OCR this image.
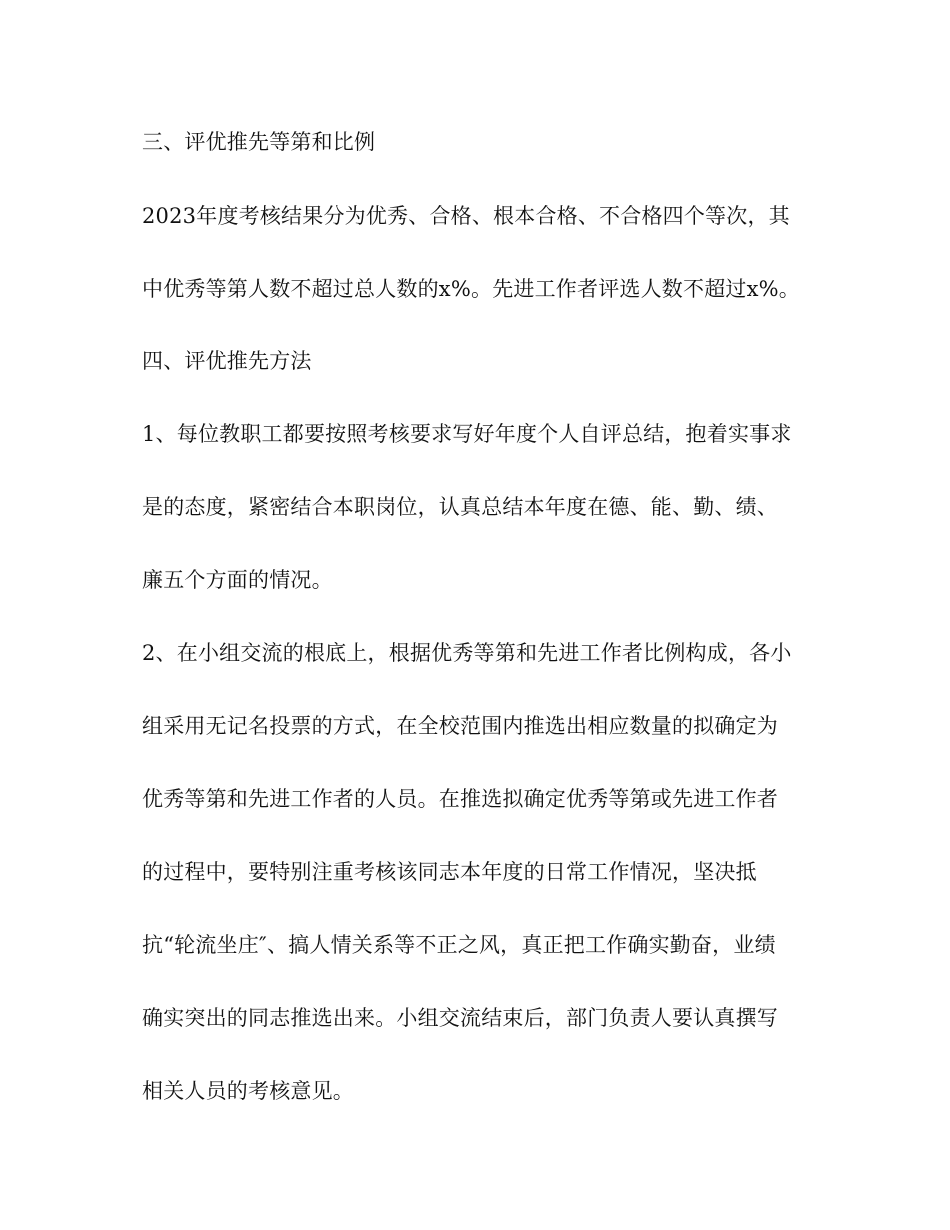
三、评优推先等第和比例
2023年度考核结果分为优秀、合格、根本合格、不合格四个等次，其
中优秀等第人数不超过总人数的x%。先进工作者评选人数不超过x%。
四、评优推先方法
1、每位教职工都要按照考核要求写好年度个人自评总结，抱着实事求
是的态度，紧密结合本职岗位，认真总结本年度在德、能、勤、绩、
廉五个方面的情况。
2、在小组交流的根底上，根据优秀等第和先进工作者比例构成，各小
组采用无记名投票的方式，在全校范围内推选出相应数量的拟确定为
优秀等第和先进工作者的人员。在推选拟确定优秀等第或先进工作者
的过程中，要特别注重考核该同志本年度的日常工作情况，坚决抵
抗“轮流坐庄″、搞人情关系等不正之风，真正把工作确实勤奋，业绩
确实突出的同志推选出来。小组交流结束后，部门负责人要认真撰写
相关人员的考核意见。
